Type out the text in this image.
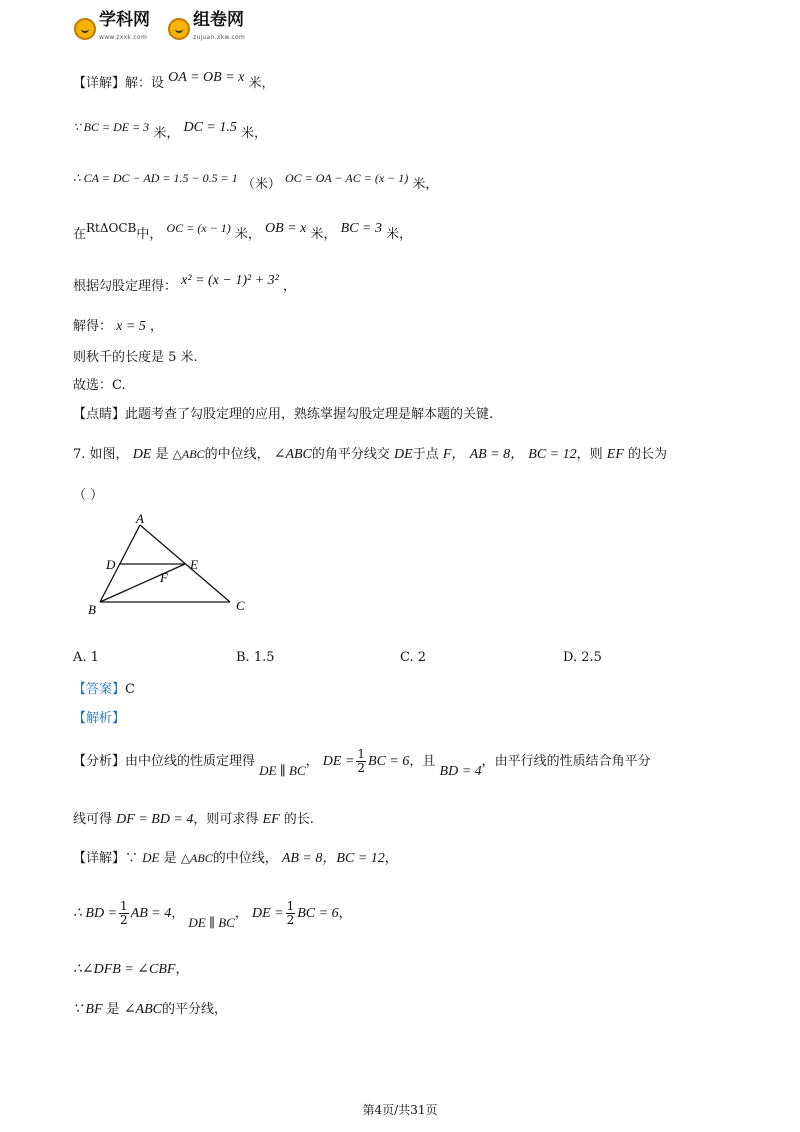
学科网
www.zxxk.com
组卷网
zujuan.xkw.com
【详解】解：设 OA = OB = x 米，
∵ BC = DE = 3 米， DC = 1.5 米，
∴ CA = DC − AD = 1.5 − 0.5 = 1 （米） OC = OA − AC = (x − 1) 米，
在RtΔOCB中， OC = (x − 1) 米， OB = x 米， BC = 3 米，
根据勾股定理得： x² = (x − 1)² + 3² ，
解得： x = 5 ，
则秋千的长度是 5 米.
故选：C.
【点睛】此题考查了勾股定理的应用，熟练掌握勾股定理是解本题的关键.
7. 如图， DE 是 △ABC的中位线， ∠ABC的角平分线交 DE于点 F， AB = 8， BC = 12，则 EF 的长为
（ ）
A
B	C
D	E
F
A. 1	B. 1.5	C. 2	D. 2.5
【答案】C
【解析】
【分析】由中位线的性质定理得 DE ∥ BC， DE = $\frac{1}{2}$ BC = 6，且 BD = 4，由平行线的性质结合角平分
线可得 DF = BD = 4，则可求得 EF 的长.
【详解】∵ DE 是 △ABC的中位线， AB = 8，BC = 12，
∴ BD = $\frac{1}{2}$ AB = 4， DE ∥ BC， DE = $\frac{1}{2}$ BC = 6，
∴∠DFB = ∠CBF，
∵ BF 是 ∠ABC的平分线，
第4页/共31页
